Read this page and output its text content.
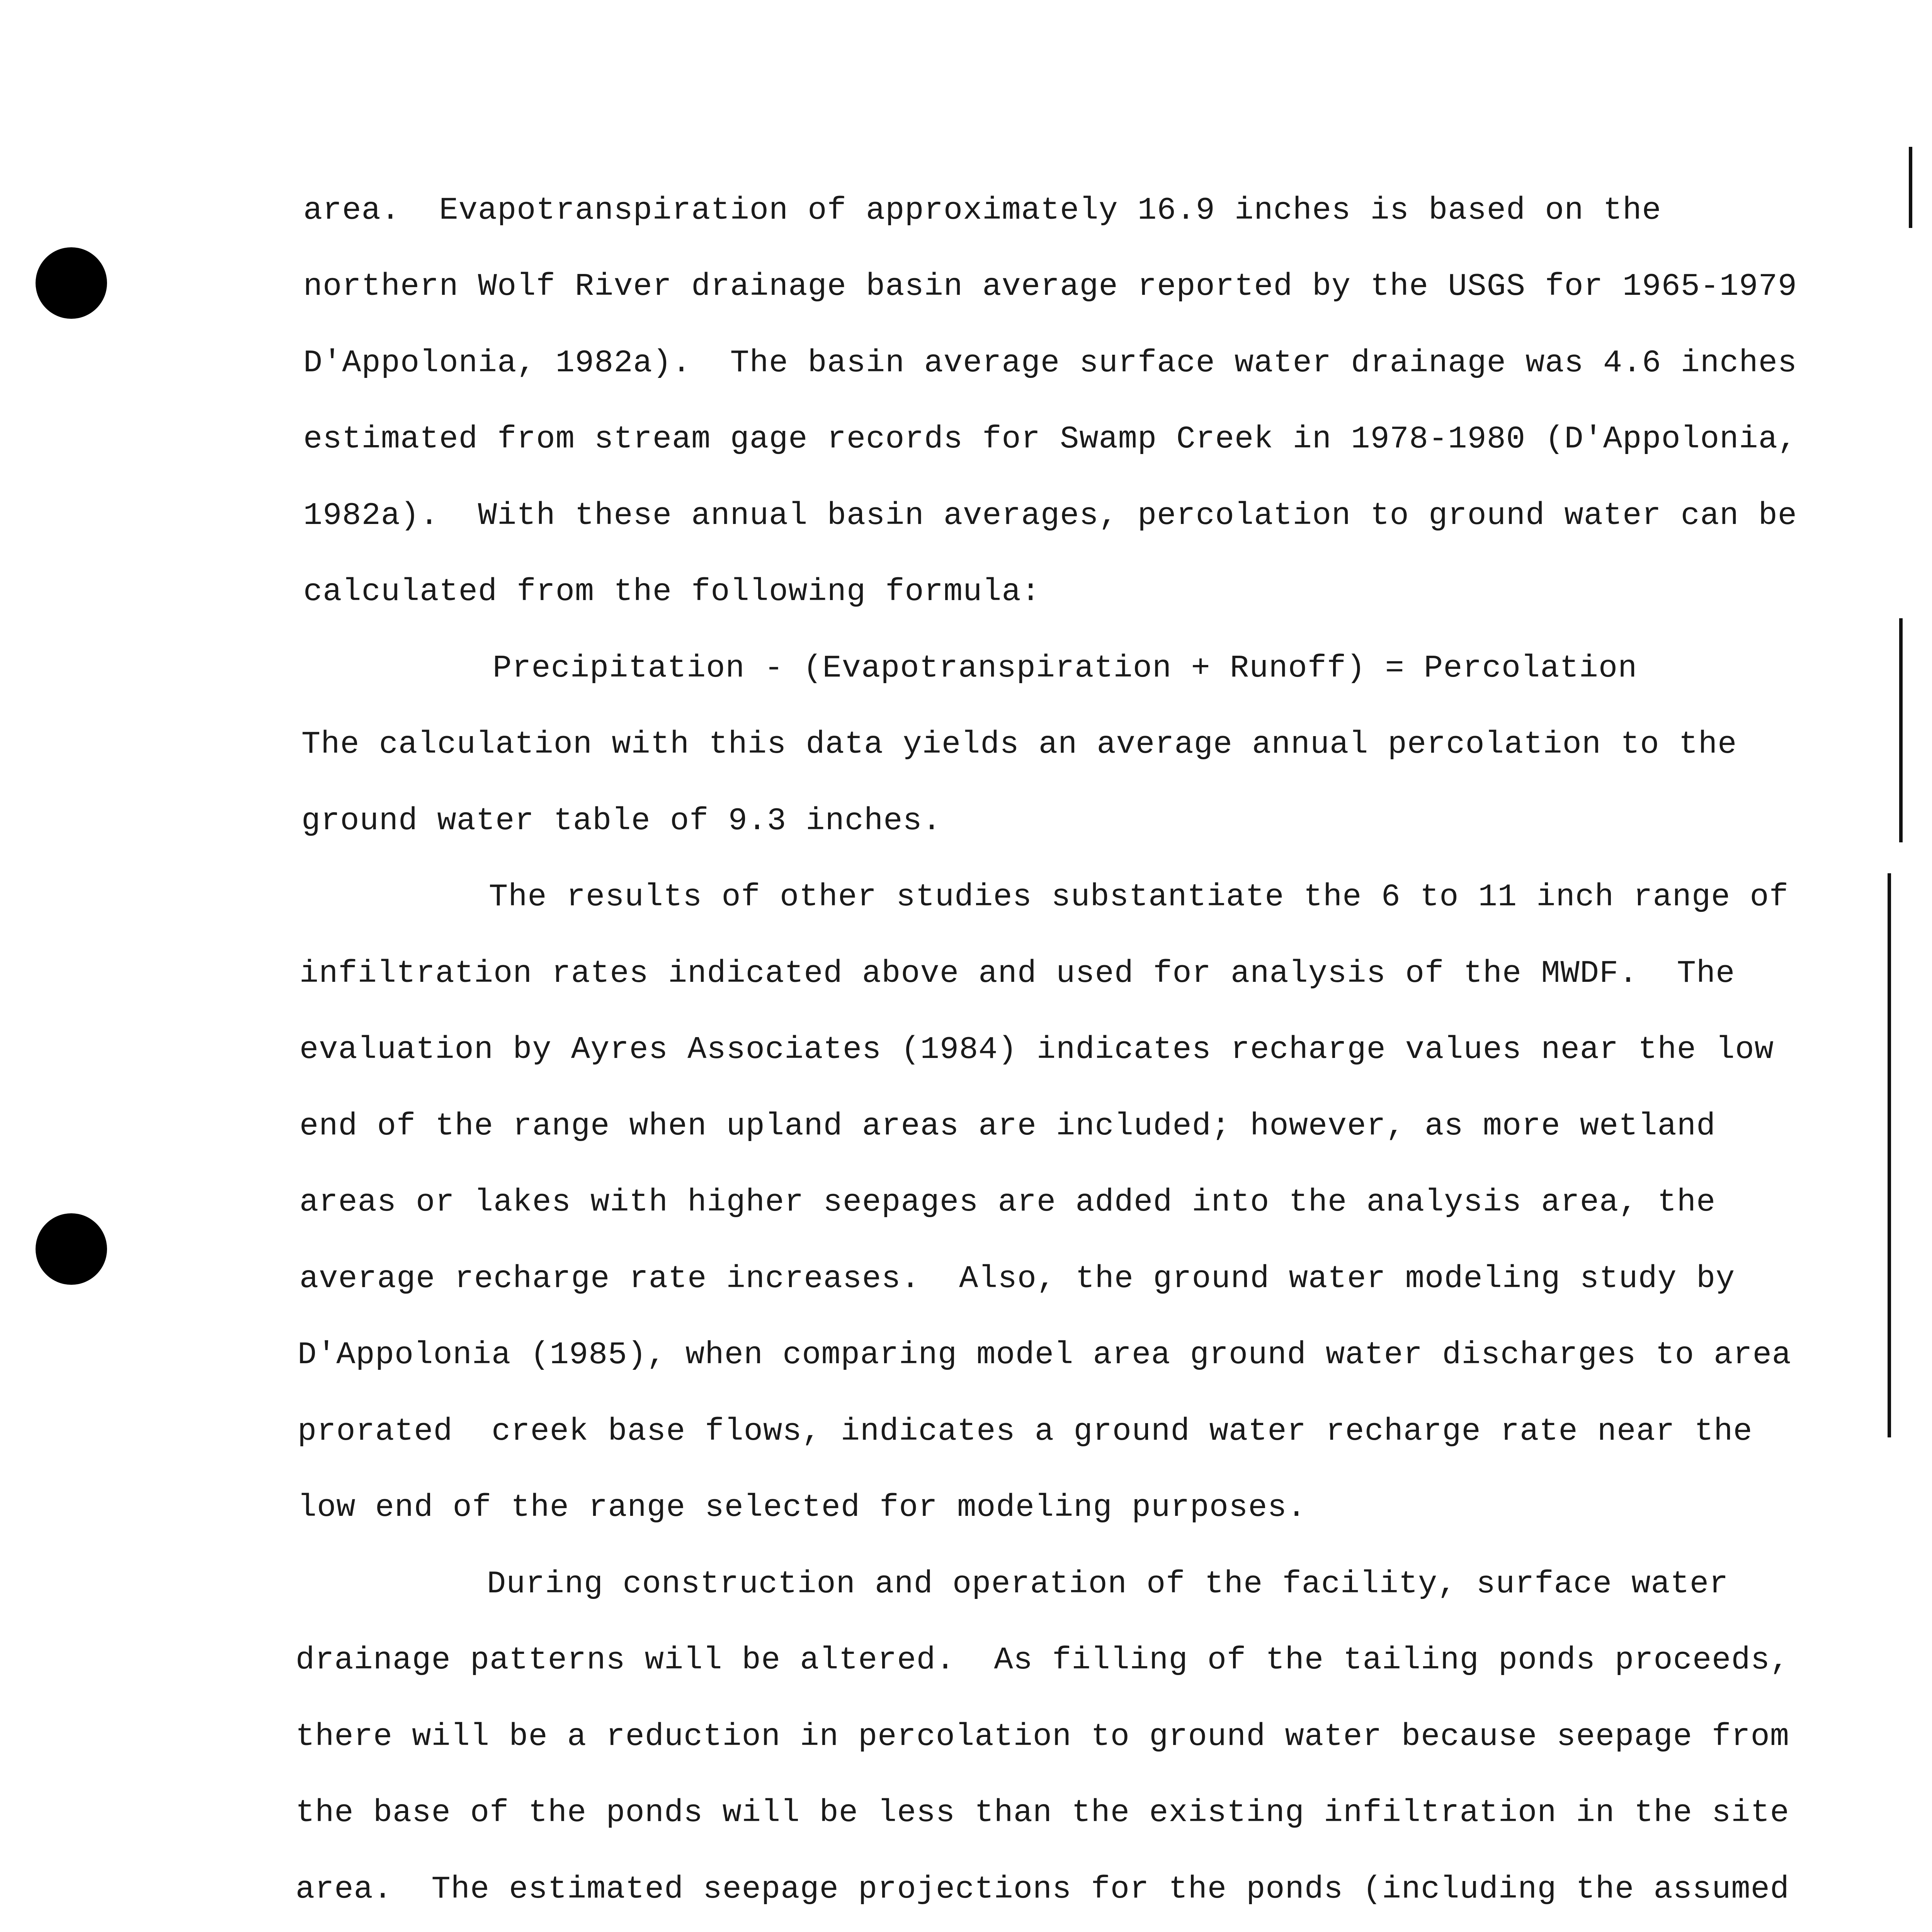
area.  Evapotranspiration of approximately 16.9 inches is based on the
northern Wolf River drainage basin average reported by the USGS for 1965-1979
D'Appolonia, 1982a).  The basin average surface water drainage was 4.6 inches
estimated from stream gage records for Swamp Creek in 1978-1980 (D'Appolonia,
1982a).  With these annual basin averages, percolation to ground water can be
calculated from the following formula:
Precipitation - (Evapotranspiration + Runoff) = Percolation
The calculation with this data yields an average annual percolation to the
ground water table of 9.3 inches.
The results of other studies substantiate the 6 to 11 inch range of
infiltration rates indicated above and used for analysis of the MWDF.  The
evaluation by Ayres Associates (1984) indicates recharge values near the low
end of the range when upland areas are included; however, as more wetland
areas or lakes with higher seepages are added into the analysis area, the
average recharge rate increases.  Also, the ground water modeling study by
D'Appolonia (1985), when comparing model area ground water discharges to area
prorated  creek base flows, indicates a ground water recharge rate near the
low end of the range selected for modeling purposes.
During construction and operation of the facility, surface water
drainage patterns will be altered.  As filling of the tailing ponds proceeds,
there will be a reduction in percolation to ground water because seepage from
the base of the ponds will be less than the existing infiltration in the site
area.  The estimated seepage projections for the ponds (including the assumed
